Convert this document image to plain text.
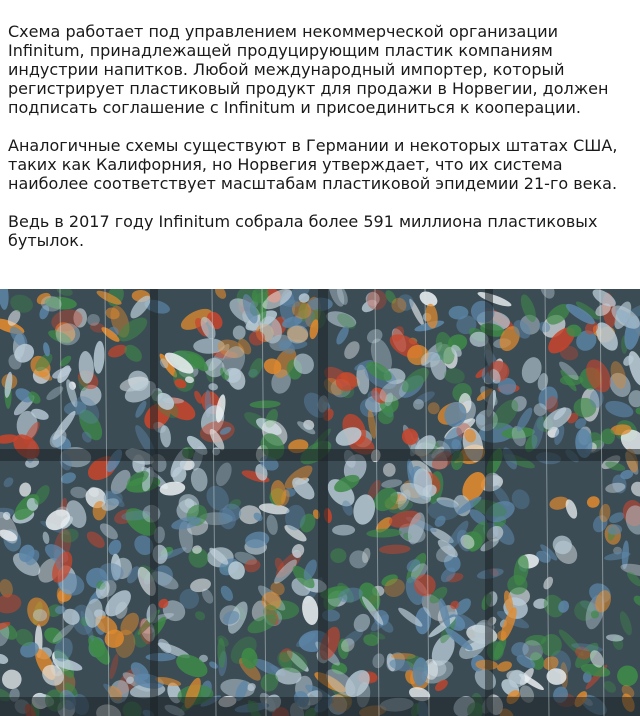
Схема работает под управлением некоммерческой организации Infinitum, принадлежащей продуцирующим пластик компаниям индустрии напитков. Любой международный импортер, который регистрирует пластиковый продукт для продажи в Норвегии, должен подписать соглашение с Infinitum и присоединиться к кооперации.

Аналогичные схемы существуют в Германии и некоторых штатах США, таких как Калифорния, но Норвегия утверждает, что их система наиболее соответствует масштабам пластиковой эпидемии 21-го века.

Ведь в 2017 году Infinitum собрала более 591 миллиона пластиковых бутылок.
